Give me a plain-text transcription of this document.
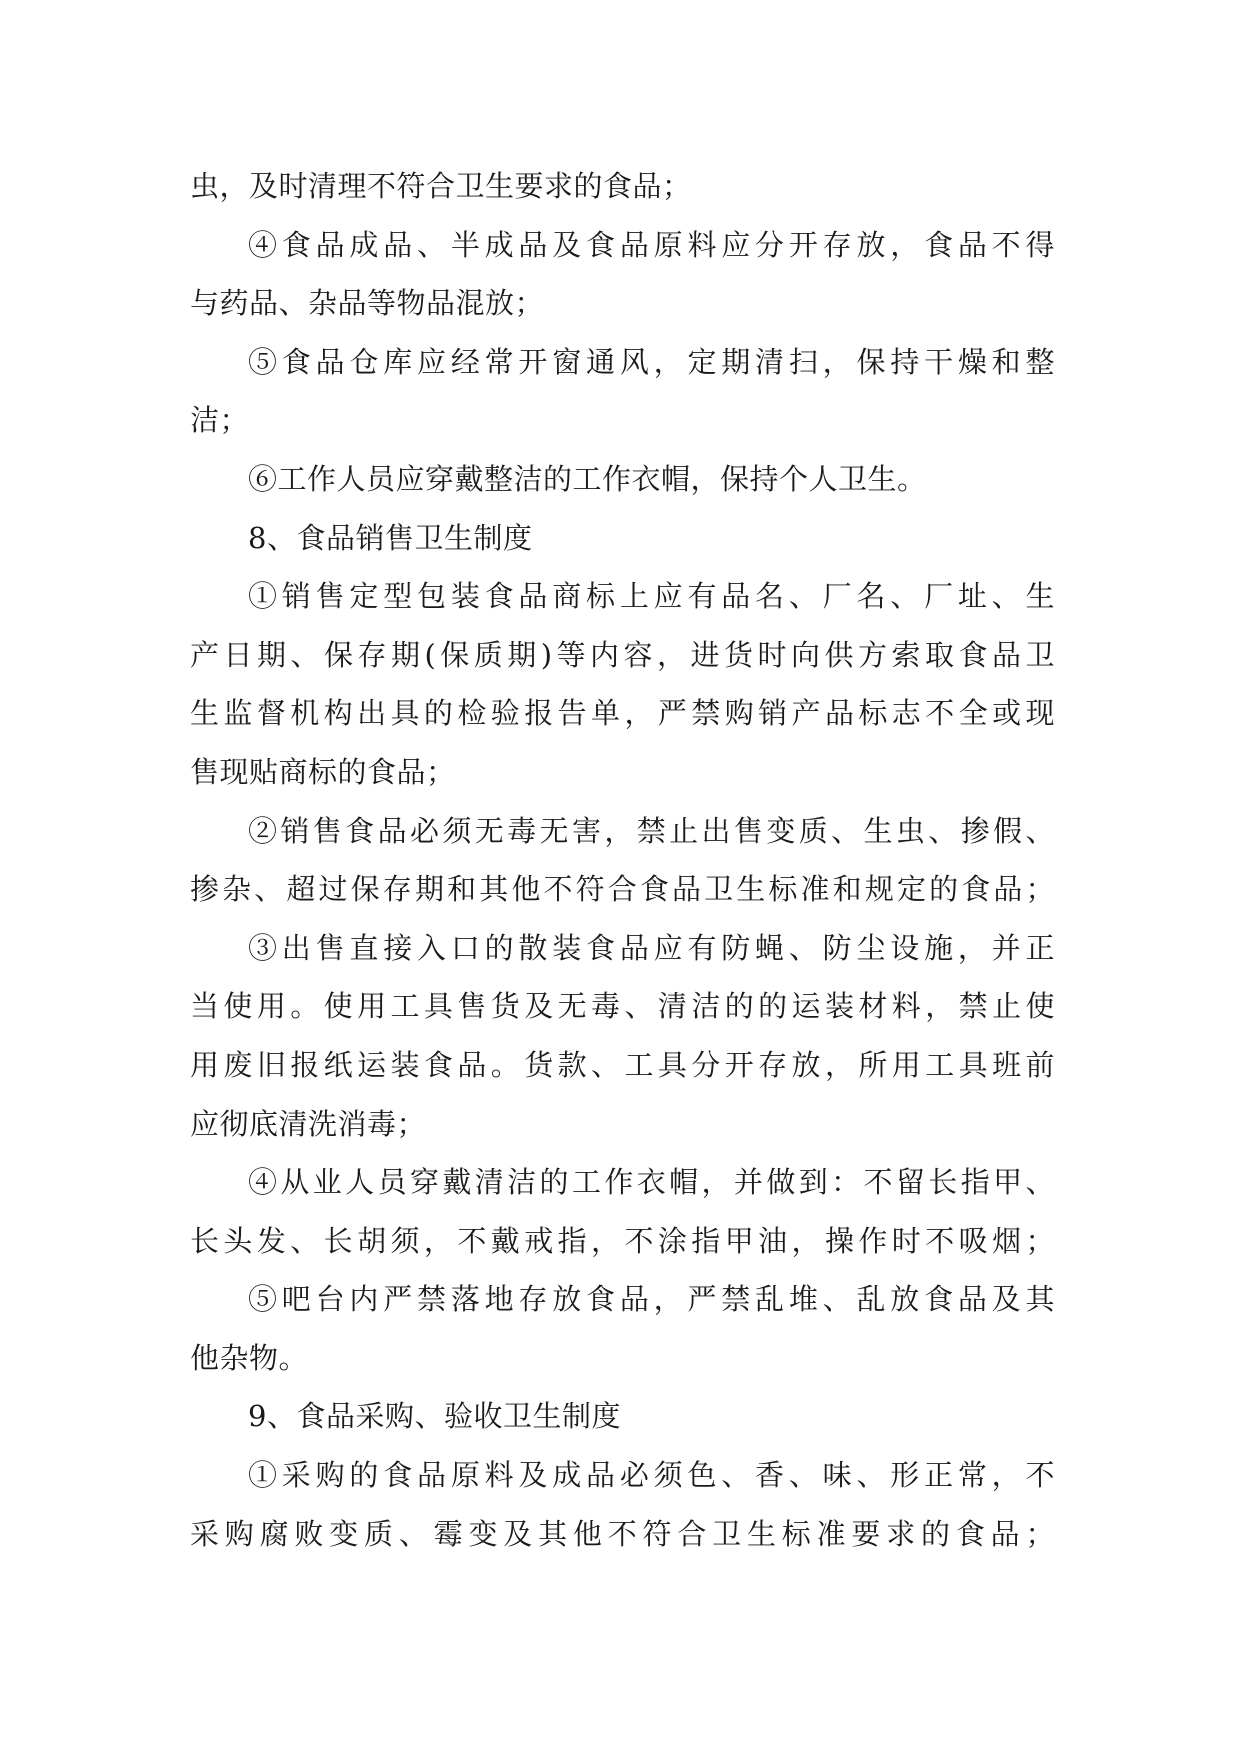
虫，及时清理不符合卫生要求的食品；
④食品成品、半成品及食品原料应分开存放，食品不得
与药品、杂品等物品混放；
⑤食品仓库应经常开窗通风，定期清扫，保持干燥和整
洁；
⑥工作人员应穿戴整洁的工作衣帽，保持个人卫生。
8、食品销售卫生制度
①销售定型包装食品商标上应有品名、厂名、厂址、生
产日期、保存期(保质期)等内容，进货时向供方索取食品卫
生监督机构出具的检验报告单，严禁购销产品标志不全或现
售现贴商标的食品；
②销售食品必须无毒无害，禁止出售变质、生虫、掺假、
掺杂、超过保存期和其他不符合食品卫生标准和规定的食品；
③出售直接入口的散装食品应有防蝇、防尘设施，并正
当使用。使用工具售货及无毒、清洁的的运装材料，禁止使
用废旧报纸运装食品。货款、工具分开存放，所用工具班前
应彻底清洗消毒；
④从业人员穿戴清洁的工作衣帽，并做到：不留长指甲、
长头发、长胡须，不戴戒指，不涂指甲油，操作时不吸烟；
⑤吧台内严禁落地存放食品，严禁乱堆、乱放食品及其
他杂物。
9、食品采购、验收卫生制度
①采购的食品原料及成品必须色、香、味、形正常，不
采购腐败变质、霉变及其他不符合卫生标准要求的食品；
